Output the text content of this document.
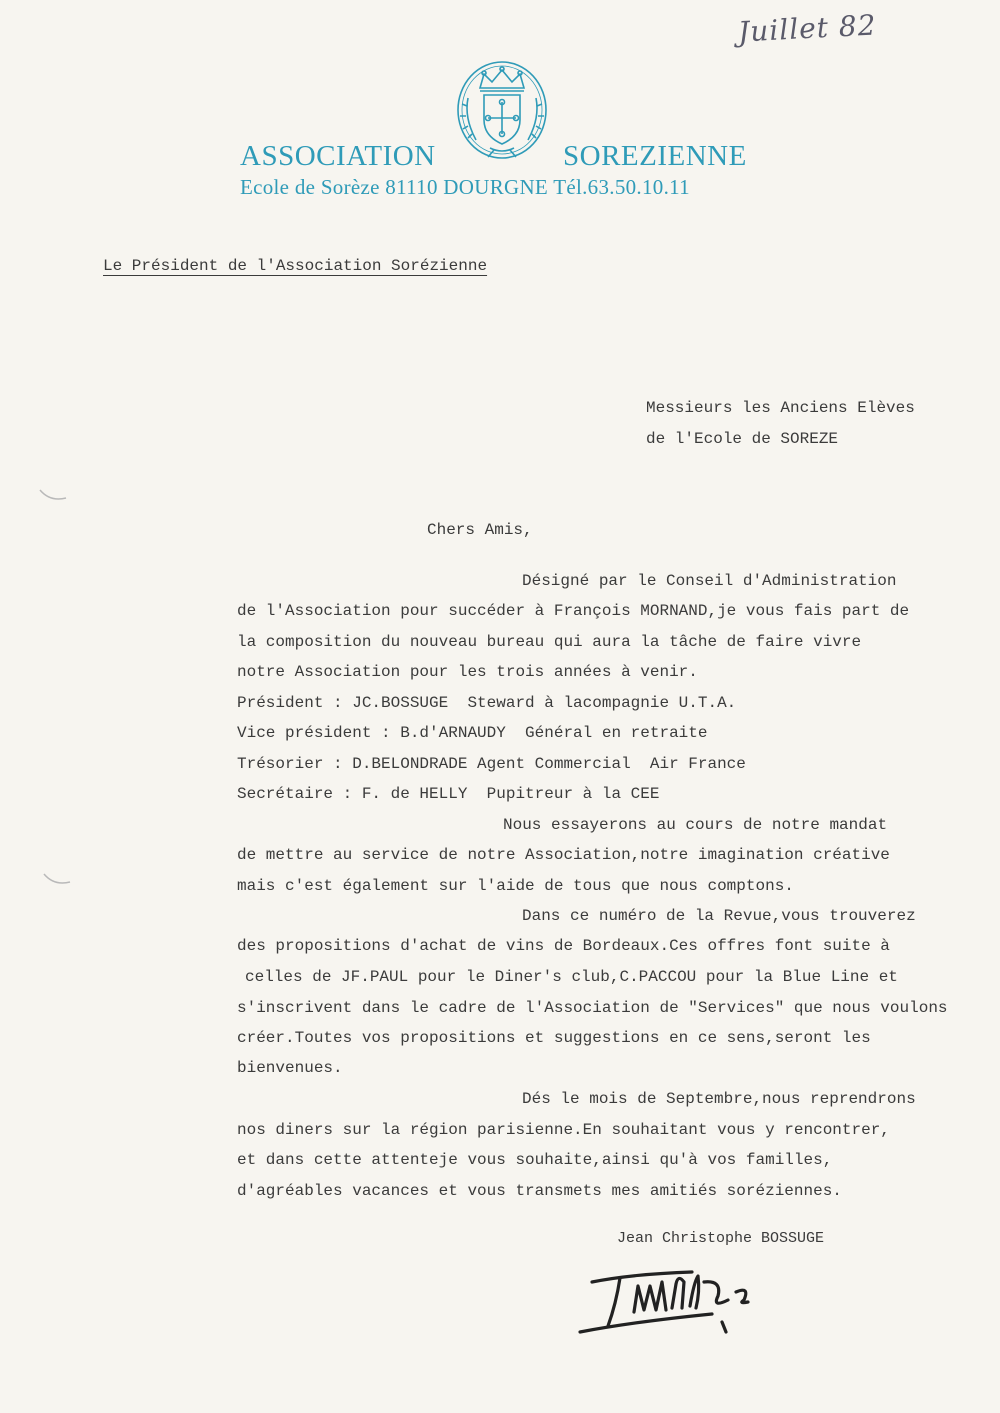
Juillet 82
ASSOCIATION	SOREZIENNE
Ecole de Sorèze 81110 DOURGNE Tél.63.50.10.11
Le Président de l'Association Sorézienne
Messieurs les Anciens Elèves
de l'Ecole de SOREZE
Chers Amis,
Désigné par le Conseil d'Administration
de l'Association pour succéder à François MORNAND,je vous fais part de
la composition du nouveau bureau qui aura la tâche de faire vivre
notre Association pour les trois années à venir.
Président : JC.BOSSUGE  Steward à lacompagnie U.T.A.
Vice président : B.d'ARNAUDY  Général en retraite
Trésorier : D.BELONDRADE Agent Commercial  Air France
Secrétaire : F. de HELLY  Pupitreur à la CEE
Nous essayerons au cours de notre mandat
de mettre au service de notre Association,notre imagination créative
mais c'est également sur l'aide de tous que nous comptons.
Dans ce numéro de la Revue,vous trouverez
des propositions d'achat de vins de Bordeaux.Ces offres font suite à
celles de JF.PAUL pour le Diner's club,C.PACCOU pour la Blue Line et
s'inscrivent dans le cadre de l'Association de "Services" que nous voulons
créer.Toutes vos propositions et suggestions en ce sens,seront les
bienvenues.
Dés le mois de Septembre,nous reprendrons
nos diners sur la région parisienne.En souhaitant vous y rencontrer,
et dans cette attenteje vous souhaite,ainsi qu'à vos familles,
d'agréables vacances et vous transmets mes amitiés soréziennes.
Jean Christophe BOSSUGE
